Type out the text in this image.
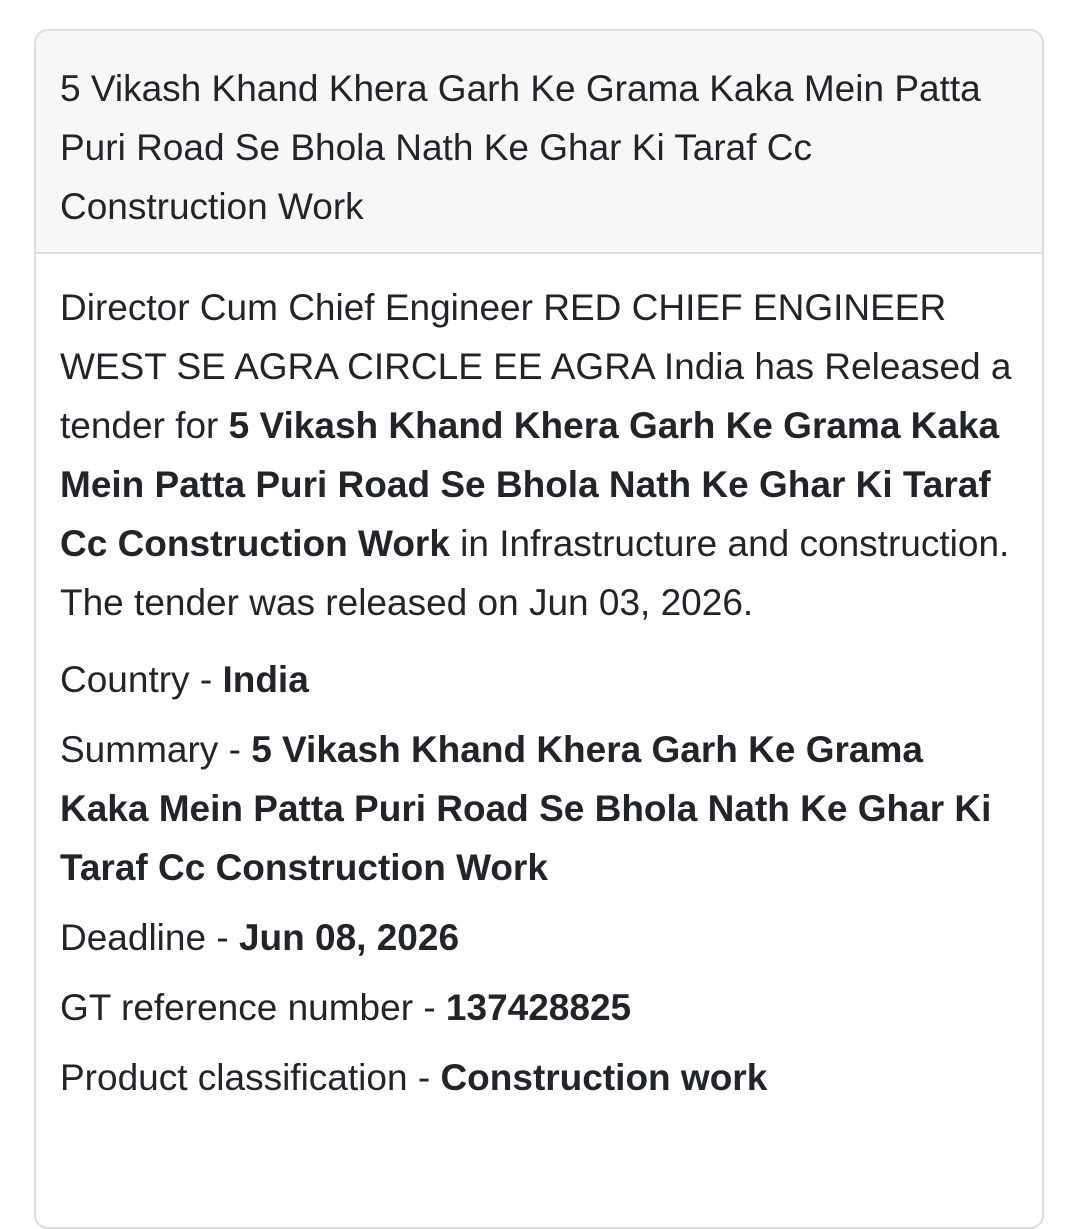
5 Vikash Khand Khera Garh Ke Grama Kaka Mein Patta Puri Road Se Bhola Nath Ke Ghar Ki Taraf Cc Construction Work

Director Cum Chief Engineer RED CHIEF ENGINEER WEST SE AGRA CIRCLE EE AGRA India has Released a tender for 5 Vikash Khand Khera Garh Ke Grama Kaka Mein Patta Puri Road Se Bhola Nath Ke Ghar Ki Taraf Cc Construction Work in Infrastructure and construction. The tender was released on Jun 03, 2026.

Country - India
Summary - 5 Vikash Khand Khera Garh Ke Grama Kaka Mein Patta Puri Road Se Bhola Nath Ke Ghar Ki Taraf Cc Construction Work
Deadline - Jun 08, 2026
GT reference number - 137428825
Product classification - Construction work
